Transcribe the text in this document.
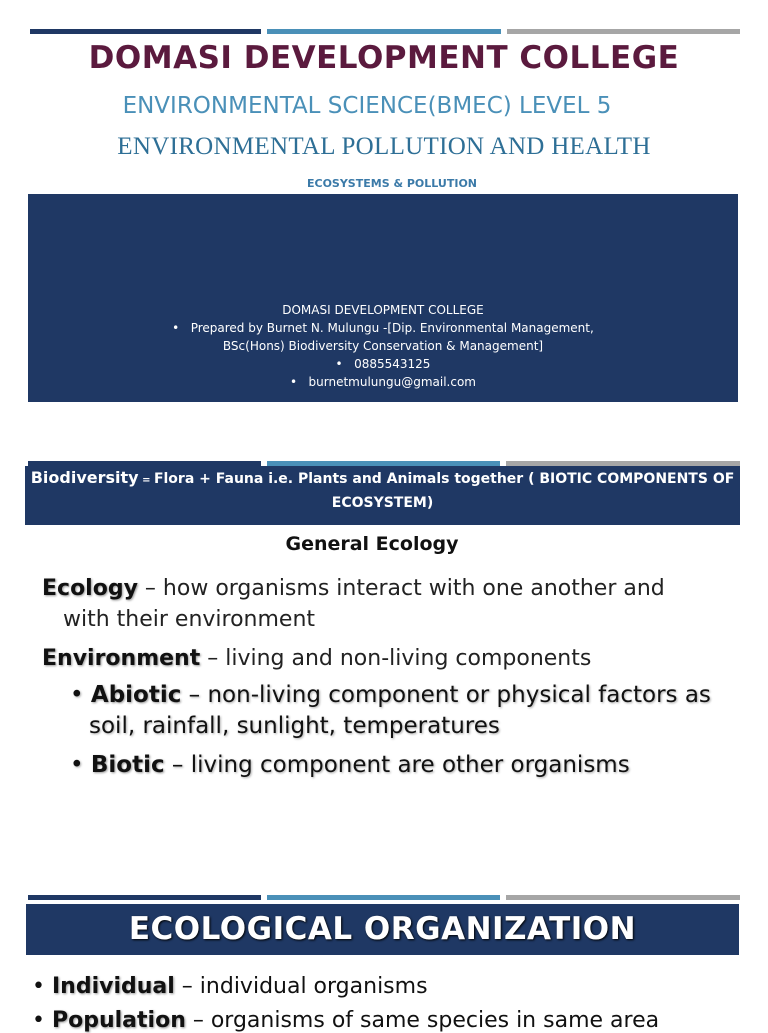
DOMASI DEVELOPMENT COLLEGE
ENVIRONMENTAL SCIENCE(BMEC) LEVEL 5
ENVIRONMENTAL POLLUTION AND HEALTH
ECOSYSTEMS & POLLUTION
DOMASI DEVELOPMENT COLLEGE
• Prepared by Burnet N. Mulungu -[Dip. Environmental Management,
BSc(Hons) Biodiversity Conservation & Management]
• 0885543125
• burnetmulungu@gmail.com
Biodiversity = Flora + Fauna i.e. Plants and Animals together ( BIOTIC COMPONENTS OF
ECOSYSTEM)
General Ecology
Ecology – how organisms interact with one another and
with their environment
Environment – living and non-living components
• Abiotic – non-living component or physical factors as
soil, rainfall, sunlight, temperatures
• Biotic – living component are other organisms
ECOLOGICAL ORGANIZATION
• Individual – individual organisms
• Population – organisms of same species in same area
